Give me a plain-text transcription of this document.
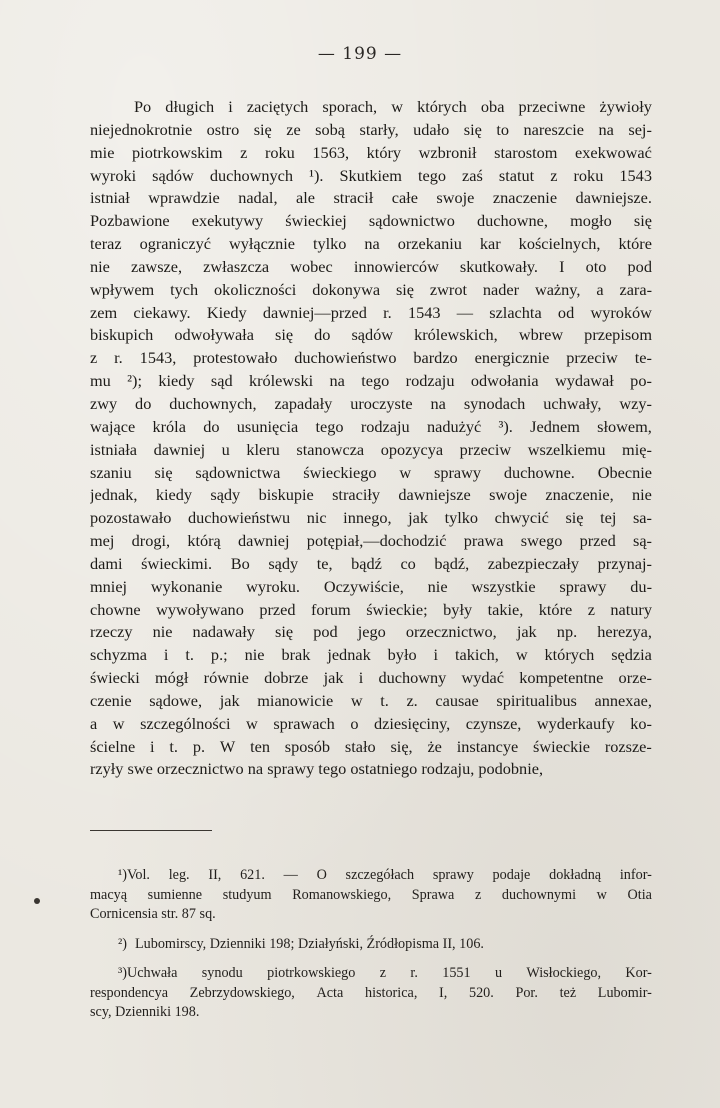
— 199 —
Po długich i zaciętych sporach, w których oba przeciwne żywioły
niejednokrotnie ostro się ze sobą starły, udało się to nareszcie na sej-
mie piotrkowskim z roku 1563, który wzbronił starostom exekwować
wyroki sądów duchownych ¹). Skutkiem tego zaś statut z roku 1543
istniał wprawdzie nadal, ale stracił całe swoje znaczenie dawniejsze.
Pozbawione exekutywy świeckiej sądownictwo duchowne, mogło się
teraz ograniczyć wyłącznie tylko na orzekaniu kar kościelnych, które
nie zawsze, zwłaszcza wobec innowierców skutkowały. I oto pod
wpływem tych okoliczności dokonywa się zwrot nader ważny, a zara-
zem ciekawy. Kiedy dawniej—przed r. 1543 — szlachta od wyroków
biskupich odwoływała się do sądów królewskich, wbrew przepisom
z r. 1543, protestowało duchowieństwo bardzo energicznie przeciw te-
mu ²); kiedy sąd królewski na tego rodzaju odwołania wydawał po-
zwy do duchownych, zapadały uroczyste na synodach uchwały, wzy-
wające króla do usunięcia tego rodzaju nadużyć ³). Jednem słowem,
istniała dawniej u kleru stanowcza opozycya przeciw wszelkiemu mię-
szaniu się sądownictwa świeckiego w sprawy duchowne. Obecnie
jednak, kiedy sądy biskupie straciły dawniejsze swoje znaczenie, nie
pozostawało duchowieństwu nic innego, jak tylko chwycić się tej sa-
mej drogi, którą dawniej potępiał,—dochodzić prawa swego przed są-
dami świeckimi. Bo sądy te, bądź co bądź, zabezpieczały przynaj-
mniej wykonanie wyroku. Oczywiście, nie wszystkie sprawy du-
chowne wywoływano przed forum świeckie; były takie, które z natury
rzeczy nie nadawały się pod jego orzecznictwo, jak np. herezya,
schyzma i t. p.; nie brak jednak było i takich, w których sędzia
świecki mógł równie dobrze jak i duchowny wydać kompetentne orze-
czenie sądowe, jak mianowicie w t. z. causae spiritualibus annexae,
a w szczególności w sprawach o dziesięciny, czynsze, wyderkaufy ko-
ścielne i t. p. W ten sposób stało się, że instancye świeckie rozsze-
rzyły swe orzecznictwo na sprawy tego ostatniego rodzaju, podobnie,
¹) Vol. leg. II, 621. — O szczegółach sprawy podaje dokładną infor-
macyą sumienne studyum Romanowskiego, Sprawa z duchownymi w Otia
Cornicensia str. 87 sq.
²) Lubomirscy, Dzienniki 198; Działyński, Źródłopisma II, 106.
³) Uchwała synodu piotrkowskiego z r. 1551 u Wisłockiego, Kor-
respondencya Zebrzydowskiego, Acta historica, I, 520. Por. też Lubomir-
scy, Dzienniki 198.
